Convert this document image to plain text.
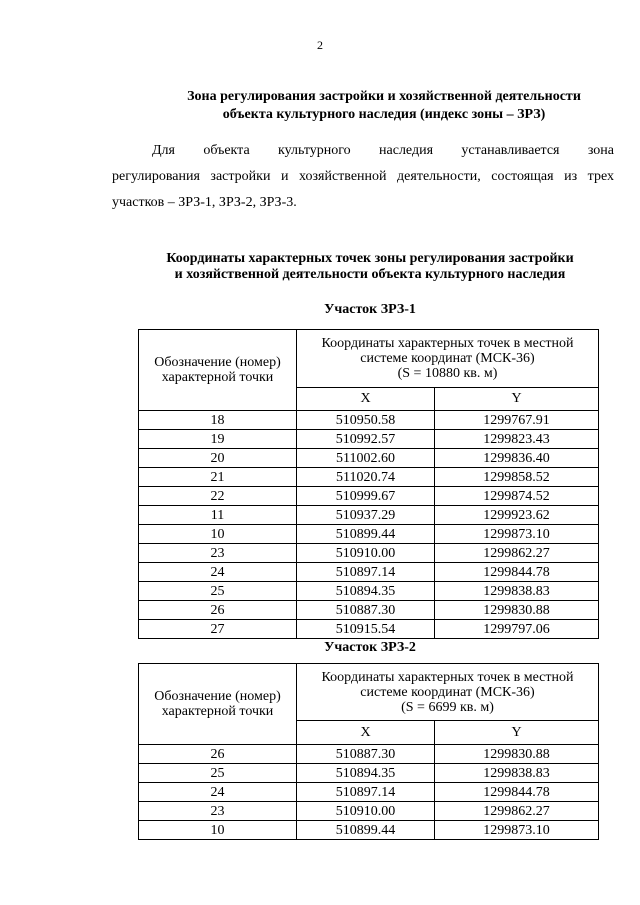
2
Зона регулирования застройки и хозяйственной деятельности
объекта культурного наследия (индекс зоны – ЗРЗ)

Для объекта культурного наследия устанавливается зона
регулирования застройки и хозяйственной деятельности, состоящая из трех участков – ЗРЗ-1, ЗРЗ-2, ЗРЗ-3.

Координаты характерных точек зоны регулирования застройки
и хозяйственной деятельности объекта культурного наследия
Участок ЗРЗ-1
Обозначение (номер) характерной точки	Координаты характерных точек в местной системе координат (МСК-36)
(S = 10880 кв. м)	
	X	Y
18	510950.58	1299767.91
19	510992.57	1299823.43
20	511002.60	1299836.40
21	511020.74	1299858.52
22	510999.67	1299874.52
11	510937.29	1299923.62
10	510899.44	1299873.10
23	510910.00	1299862.27
24	510897.14	1299844.78
25	510894.35	1299838.83
26	510887.30	1299830.88
27	510915.54	1299797.06
Участок ЗРЗ-2
Обозначение (номер) характерной точки	Координаты характерных точек в местной системе координат (МСК-36)
(S = 6699 кв. м)	
	X	Y
26	510887.30	1299830.88
25	510894.35	1299838.83
24	510897.14	1299844.78
23	510910.00	1299862.27
10	510899.44	1299873.10
